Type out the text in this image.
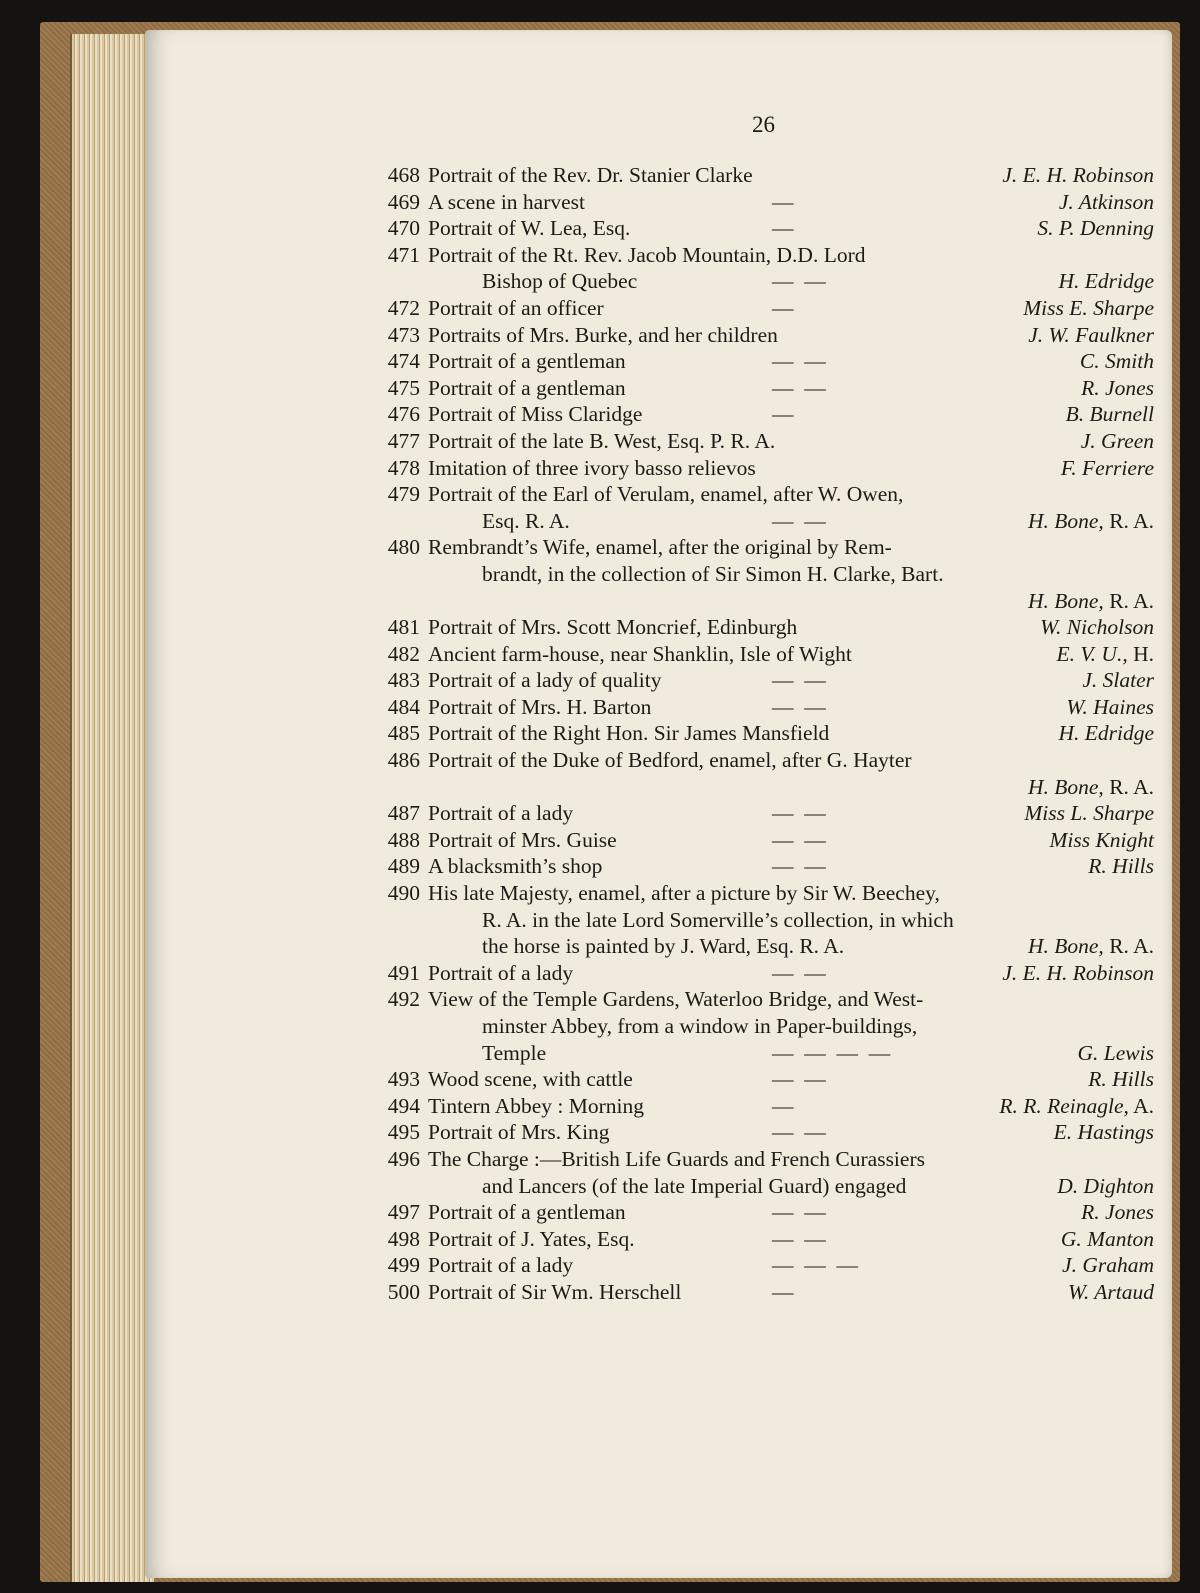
26
468 Portrait of the Rev. Dr. Stanier Clarke	J. E. H. Robinson
469 A scene in harvest	—	J. Atkinson
470 Portrait of W. Lea, Esq.	—	S. P. Denning
471 Portrait of the Rt. Rev. Jacob Mountain, D.D. Lord
Bishop of Quebec	—  —	H. Edridge
472 Portrait of an officer	—	Miss E. Sharpe
473 Portraits of Mrs. Burke, and her children	J. W. Faulkner
474 Portrait of a gentleman	—  —	C. Smith
475 Portrait of a gentleman	—  —	R. Jones
476 Portrait of Miss Claridge	—	B. Burnell
477 Portrait of the late B. West, Esq. P. R. A.	J. Green
478 Imitation of three ivory basso relievos	F. Ferriere
479 Portrait of the Earl of Verulam, enamel, after W. Owen,
Esq. R. A.	—  —	H. Bone, R. A.
480 Rembrandt’s Wife, enamel, after the original by Rem-
brandt, in the collection of Sir Simon H. Clarke, Bart.
H. Bone, R. A.
481 Portrait of Mrs. Scott Moncrief, Edinburgh	W. Nicholson
482 Ancient farm-house, near Shanklin, Isle of Wight	E. V. U., H.
483 Portrait of a lady of quality	—  —	J. Slater
484 Portrait of Mrs. H. Barton	—  —	W. Haines
485 Portrait of the Right Hon. Sir James Mansfield	H. Edridge
486 Portrait of the Duke of Bedford, enamel, after G. Hayter
H. Bone, R. A.
487 Portrait of a lady	—  —	Miss L. Sharpe
488 Portrait of Mrs. Guise	—  —	Miss Knight
489 A blacksmith’s shop	—  —	R. Hills
490 His late Majesty, enamel, after a picture by Sir W. Beechey,
R. A. in the late Lord Somerville’s collection, in which
the horse is painted by J. Ward, Esq. R. A.	H. Bone, R. A.
491 Portrait of a lady	—  —	J. E. H. Robinson
492 View of the Temple Gardens, Waterloo Bridge, and West-
minster Abbey, from a window in Paper-buildings,
Temple	—  —  —  —	G. Lewis
493 Wood scene, with cattle	—  —	R. Hills
494 Tintern Abbey : Morning	—	R. R. Reinagle, A.
495 Portrait of Mrs. King	—  —	E. Hastings
496 The Charge :—British Life Guards and French Curassiers
and Lancers (of the late Imperial Guard) engaged	D. Dighton
497 Portrait of a gentleman	—  —	R. Jones
498 Portrait of J. Yates, Esq.	—  —	G. Manton
499 Portrait of a lady	—  —  —	J. Graham
500 Portrait of Sir Wm. Herschell	—	W. Artaud
